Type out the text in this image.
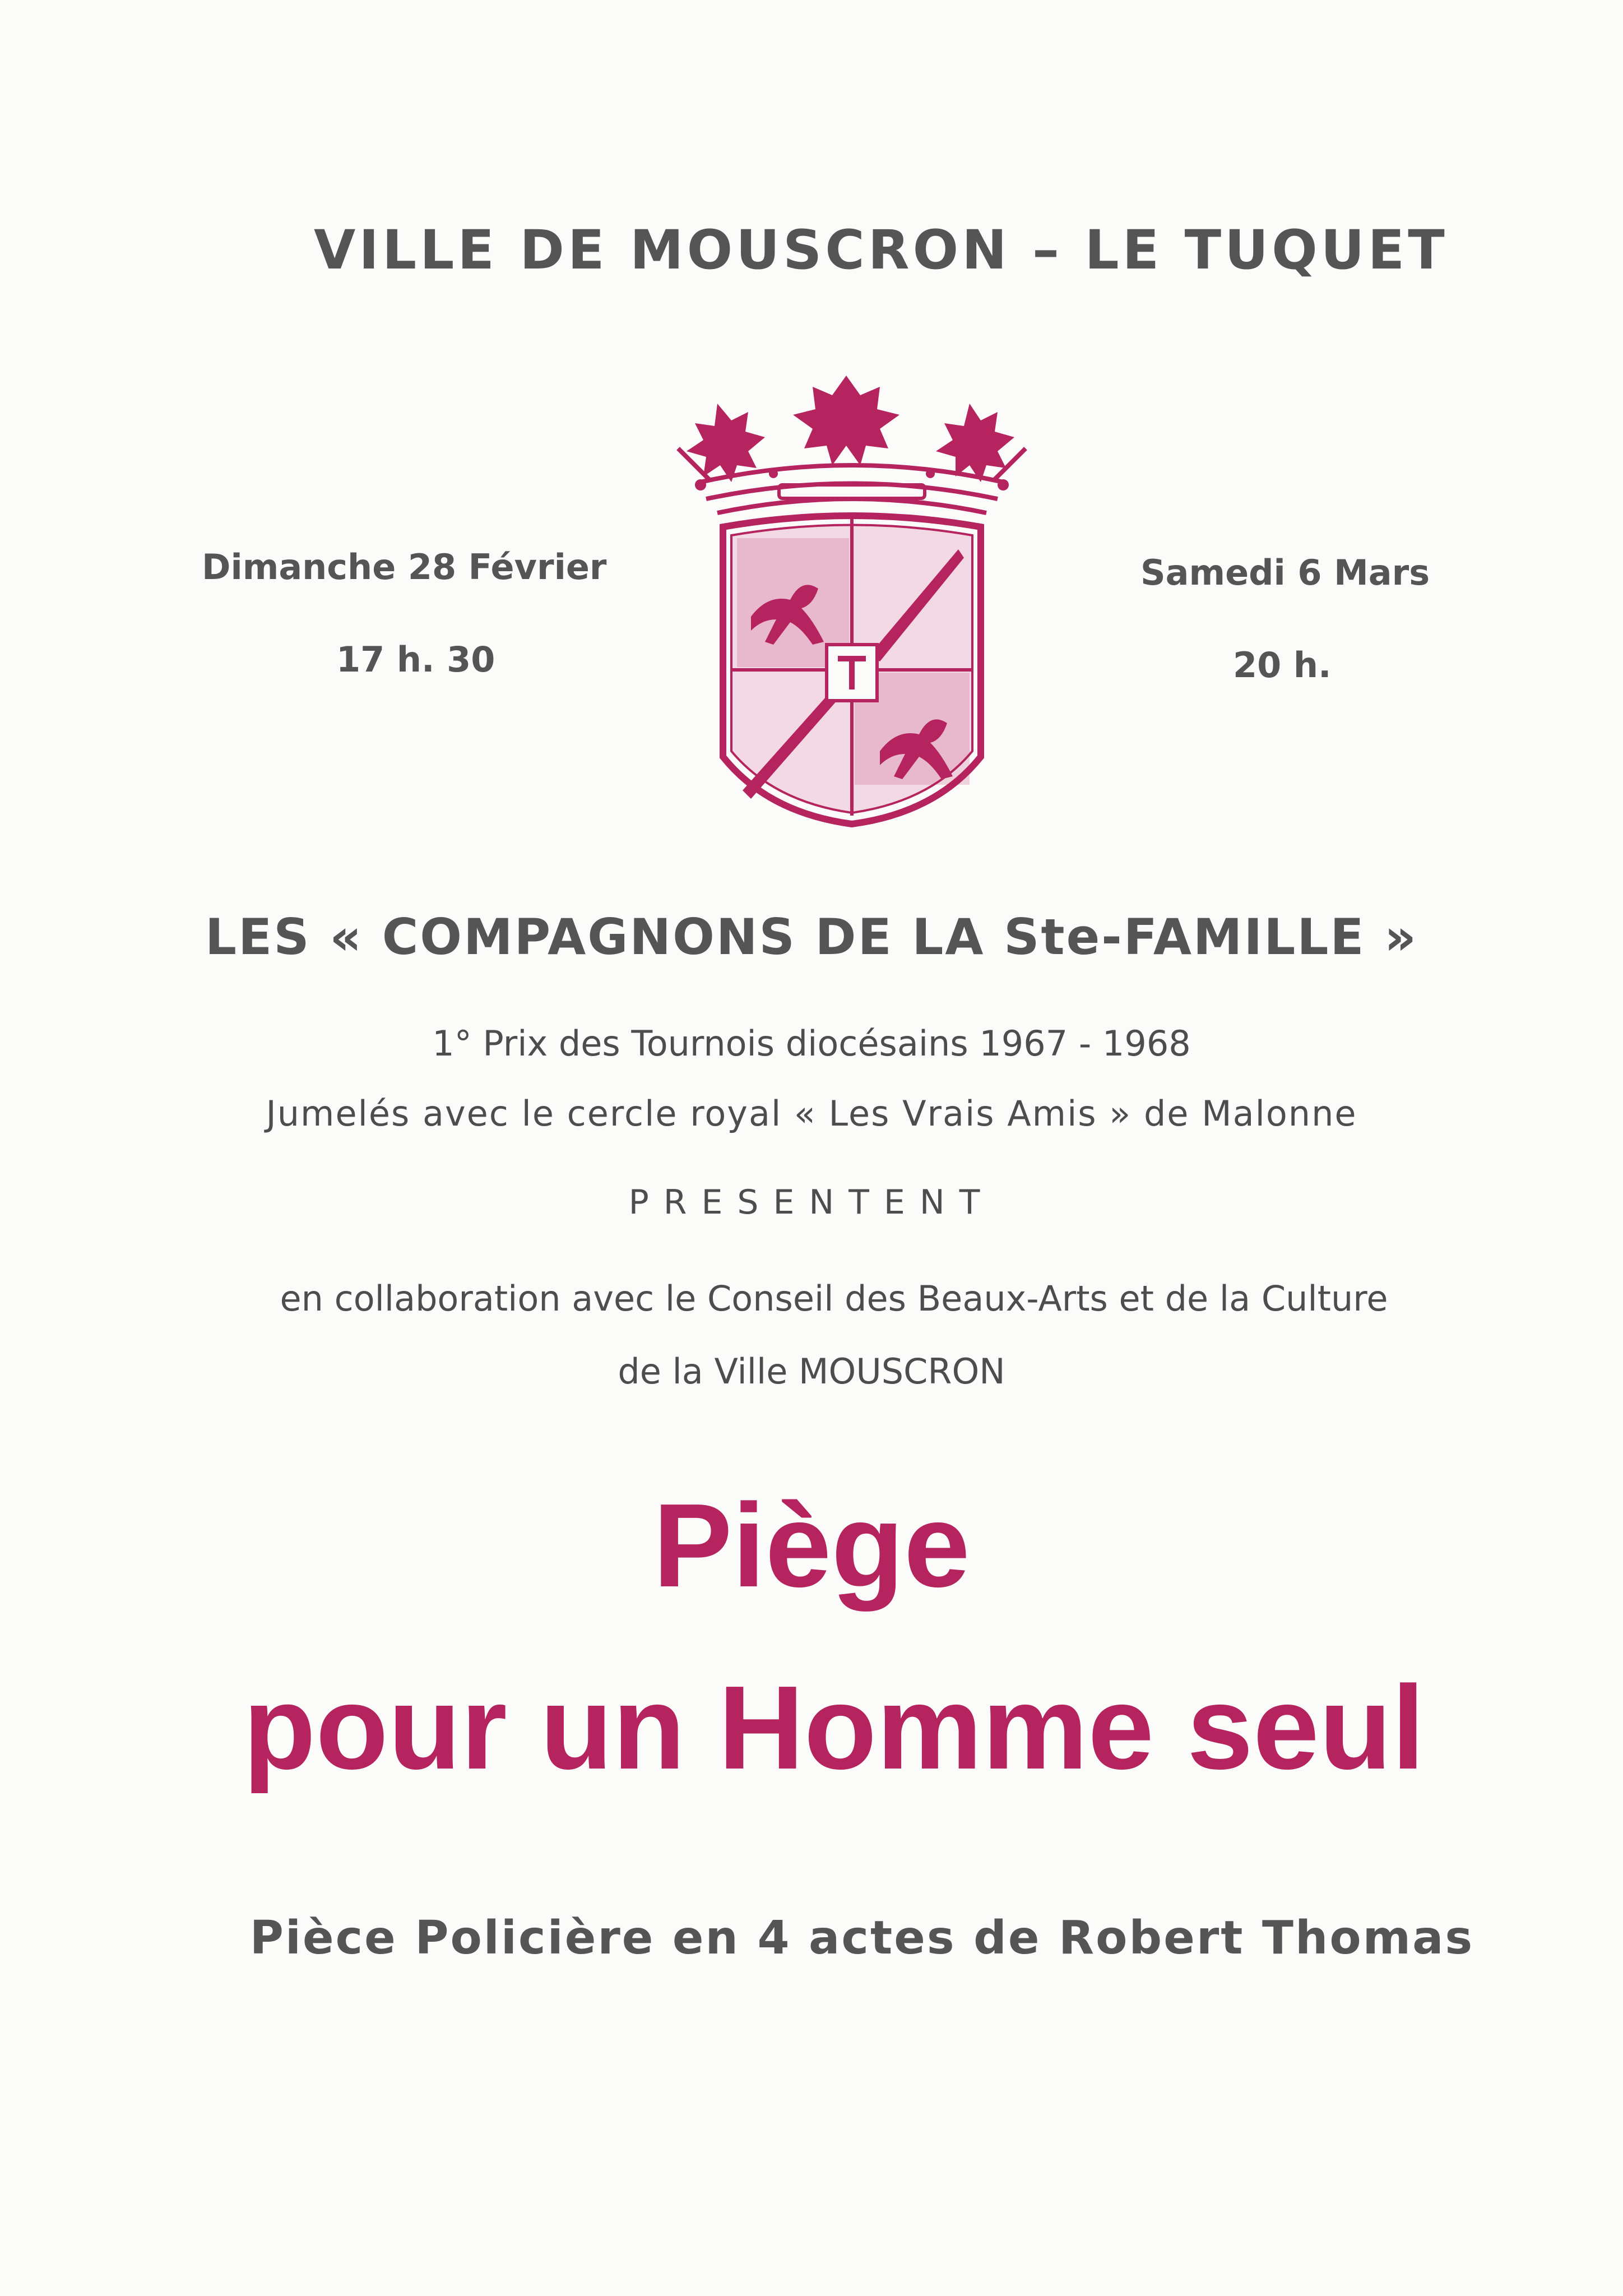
VILLE DE MOUSCRON – LE TUQUET
Dimanche 28 Février
17 h. 30
Samedi 6 Mars
20 h.
LES « COMPAGNONS DE LA Ste-FAMILLE »
1° Prix des Tournois diocésains 1967 - 1968
Jumelés avec le cercle royal « Les Vrais Amis » de Malonne
PRESENTENT
en collaboration avec le Conseil des Beaux-Arts et de la Culture
de la Ville MOUSCRON
Piège
pour un Homme seul
Pièce Policière en 4 actes de Robert Thomas
